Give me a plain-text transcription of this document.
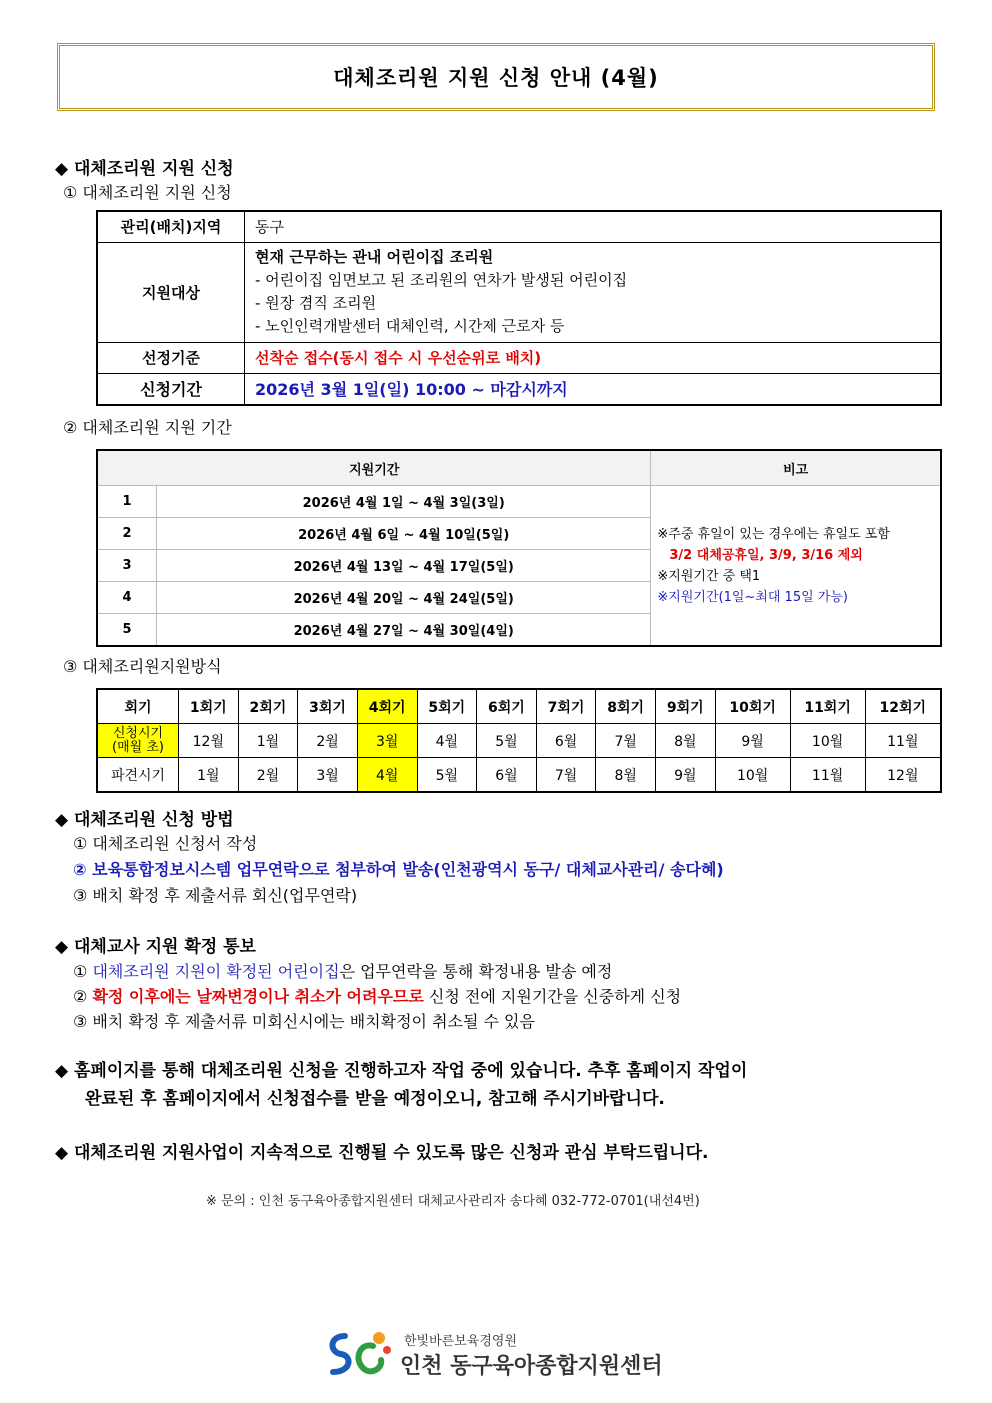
대체조리원 지원 신청 안내 (4월)
◆ 대체조리원 지원 신청
① 대체조리원 지원 신청
관리(배치)지역	동구
지원대상	현재 근무하는 관내 어린이집 조리원
- 어린이집 임면보고 된 조리원의 연차가 발생된 어린이집
- 원장 겸직 조리원
- 노인인력개발센터 대체인력, 시간제 근로자 등

선정기준	선착순 접수(동시 접수 시 우선순위로 배치)
신청기간	2026년 3월 1일(일) 10:00 ~ 마감시까지
② 대체조리원 지원 기간
지원기간		비고
1	2026년 4월 1일 ~ 4월 3일(3일)	※주중 휴일이 있는 경우에는 휴일도 포함
3/2 대체공휴일, 3/9, 3/16 제외
※지원기간 중 택1
※지원기간(1일~최대 15일 가능)

2	2026년 4월 6일 ~ 4월 10일(5일)	
3	2026년 4월 13일 ~ 4월 17일(5일)	
4	2026년 4월 20일 ~ 4월 24일(5일)	
5	2026년 4월 27일 ~ 4월 30일(4일)	
③ 대체조리원지원방식
회기	1회기	2회기	3회기	4회기	5회기	6회기	7회기	8회기	9회기	10회기	11회기	12회기

신청시기
(매월 초)	12월	1월	2월	3월	4월	5월	6월	7월	8월	9월	10월	11월
파견시기	1월	2월	3월	4월	5월	6월	7월	8월	9월	10월	11월	12월
◆ 대체조리원 신청 방법
① 대체조리원 신청서 작성
② 보육통합정보시스템 업무연락으로 첨부하여 발송(인천광역시 동구/ 대체교사관리/ 송다혜)
③ 배치 확정 후 제출서류 회신(업무연락)
◆ 대체교사 지원 확정 통보
① 대체조리원 지원이 확정된 어린이집은 업무연락을 통해 확정내용 발송 예정
② 확정 이후에는 날짜변경이나 취소가 어려우므로 신청 전에 지원기간을 신중하게 신청
③ 배치 확정 후 제출서류 미회신시에는 배치확정이 취소될 수 있음
◆ 홈페이지를 통해 대체조리원 신청을 진행하고자 작업 중에 있습니다. 추후 홈페이지 작업이
완료된 후 홈페이지에서 신청접수를 받을 예정이오니, 참고해 주시기바랍니다.
◆ 대체조리원 지원사업이 지속적으로 진행될 수 있도록 많은 신청과 관심 부탁드립니다.
※ 문의 : 인천 동구육아종합지원센터 대체교사관리자 송다혜 032-772-0701(내선4번)
한빛바른보육경영원
인천 동구육아종합지원센터
